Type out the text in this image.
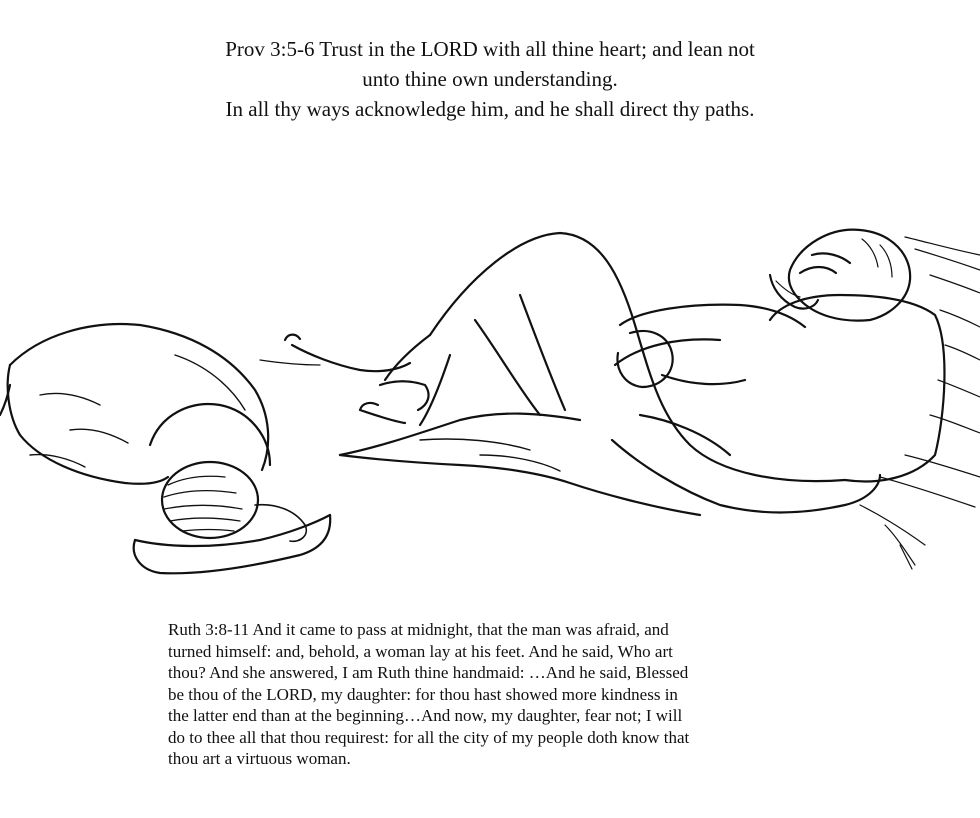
Prov 3:5-6 Trust in the LORD with all thine heart; and lean not
unto thine own understanding.
In all thy ways acknowledge him, and he shall direct thy paths.
Ruth 3:8-11 And it came to pass at midnight, that the man was afraid, and
turned himself: and, behold, a woman lay at his feet. And he said, Who art
thou? And she answered, I am Ruth thine handmaid: …And he said, Blessed
be thou of the LORD, my daughter: for thou hast showed more kindness in
the latter end than at the beginning…And now, my daughter, fear not; I will
do to thee all that thou requirest: for all the city of my people doth know that
thou art a virtuous woman.
